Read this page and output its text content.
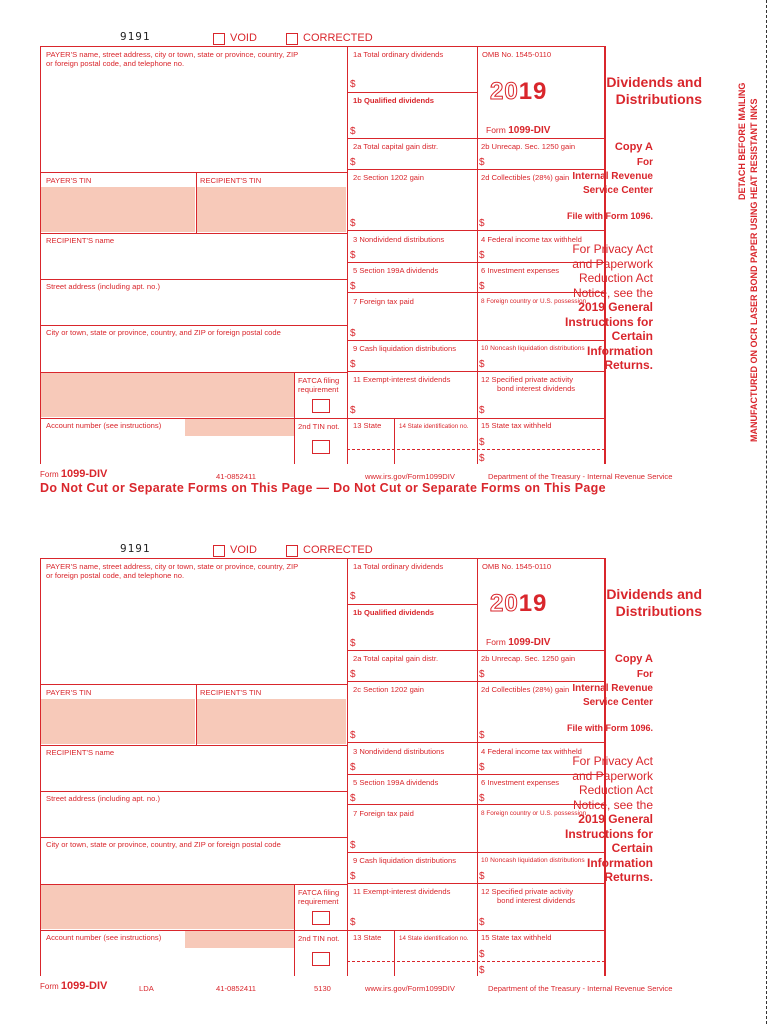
9191	VOID	CORRECTED
PAYER'S name, street address, city or town, state or province, country, ZIP
or foreign postal code, and telephone no.
PAYER'S TIN	RECIPIENT'S TIN
RECIPIENT'S name
Street address (including apt. no.)
City or town, state or province, country, and ZIP or foreign postal code
FATCA filing
requirement
Account number (see instructions)	2nd TIN not.
1a Total ordinary dividends
$
1b Qualified dividends
$
OMB No. 1545-0110
2019
Form 1099-DIV
2a Total capital gain distr.
$
2b Unrecap. Sec. 1250 gain
$
2c Section 1202 gain
$
2d Collectibles (28%) gain
$
3 Nondividend distributions
$
4 Federal income tax withheld
$
5 Section 199A dividends
$
6 Investment expenses
$
7 Foreign tax paid
$
8 Foreign country or U.S. possession
9 Cash liquidation distributions
$
10 Noncash liquidation distributions
$
11 Exempt-interest dividends
$
12 Specified private activity
bond interest dividends
$
13 State	14 State identification no. 15 State tax withheld
$
$
Dividends and
Distributions
Copy A
For
Internal Revenue
Service Center
File with Form 1096.
For Privacy Act
and Paperwork
Reduction Act
Notice, see the
2019 General
Instructions for
Certain
Information
Returns.
Form 1099-DIV	41-0852411	www.irs.gov/Form1099DIV	Department of the Treasury - Internal Revenue Service
Do Not Cut or Separate Forms on This Page — Do Not Cut or Separate Forms on This Page
9191	VOID	CORRECTED
PAYER'S name, street address, city or town, state or province, country, ZIP
or foreign postal code, and telephone no.
PAYER'S TIN	RECIPIENT'S TIN
RECIPIENT'S name
Street address (including apt. no.)
City or town, state or province, country, and ZIP or foreign postal code
FATCA filing
requirement
Account number (see instructions)	2nd TIN not.
1a Total ordinary dividends
$
1b Qualified dividends
$
OMB No. 1545-0110
2019
Form 1099-DIV
2a Total capital gain distr.
$
2b Unrecap. Sec. 1250 gain
$
2c Section 1202 gain
$
2d Collectibles (28%) gain
$
3 Nondividend distributions
$
4 Federal income tax withheld
$
5 Section 199A dividends
$
6 Investment expenses
$
7 Foreign tax paid
$
8 Foreign country or U.S. possession
9 Cash liquidation distributions
$
10 Noncash liquidation distributions
$
11 Exempt-interest dividends
$
12 Specified private activity
bond interest dividends
$
13 State	14 State identification no. 15 State tax withheld
$
$
Dividends and
Distributions
Copy A
For
Internal Revenue
Service Center
File with Form 1096.
For Privacy Act
and Paperwork
Reduction Act
Notice, see the
2019 General
Instructions for
Certain
Information
Returns.
Form 1099-DIV	LDA	41-0852411	5130	www.irs.gov/Form1099DIV	Department of the Treasury - Internal Revenue Service
DETACH BEFORE MAILING MANUFACTURED ON OCR LASER BOND PAPER USING HEAT RESISTANT INKS
